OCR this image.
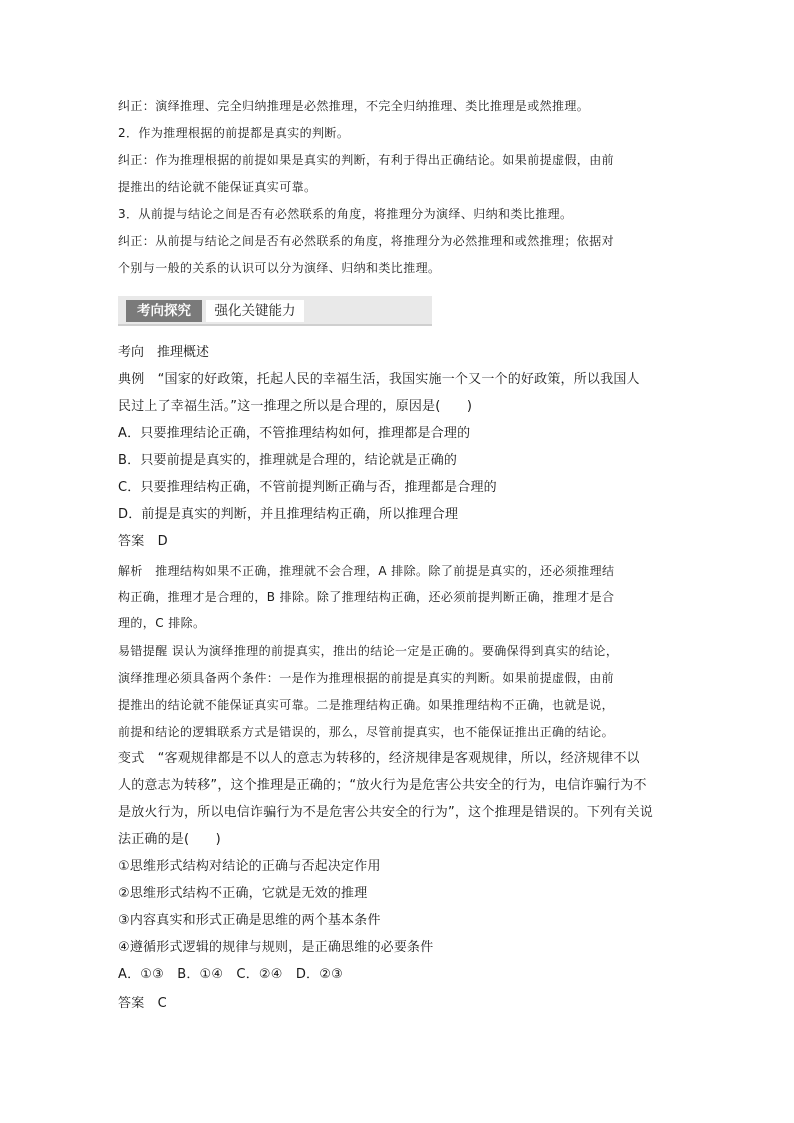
纠正：演绎推理、完全归纳推理是必然推理，不完全归纳推理、类比推理是或然推理。
2．作为推理根据的前提都是真实的判断。
纠正：作为推理根据的前提如果是真实的判断，有利于得出正确结论。如果前提虚假，由前
提推出的结论就不能保证真实可靠。
3．从前提与结论之间是否有必然联系的角度，将推理分为演绎、归纳和类比推理。
纠正：从前提与结论之间是否有必然联系的角度，将推理分为必然推理和或然推理；依据对
个别与一般的关系的认识可以分为演绎、归纳和类比推理。
考向探究	强化关键能力
考向　推理概述
典例　“国家的好政策，托起人民的幸福生活，我国实施一个又一个的好政策，所以我国人
民过上了幸福生活。”这一推理之所以是合理的，原因是(　　)
A．只要推理结论正确，不管推理结构如何，推理都是合理的
B．只要前提是真实的，推理就是合理的，结论就是正确的
C．只要推理结构正确，不管前提判断正确与否，推理都是合理的
D．前提是真实的判断，并且推理结构正确，所以推理合理
答案　D
解析　推理结构如果不正确，推理就不会合理，A 排除。除了前提是真实的，还必须推理结
构正确，推理才是合理的，B 排除。除了推理结构正确，还必须前提判断正确，推理才是合
理的，C 排除。
易错提醒 误认为演绎推理的前提真实，推出的结论一定是正确的。要确保得到真实的结论，
演绎推理必须具备两个条件：一是作为推理根据的前提是真实的判断。如果前提虚假，由前
提推出的结论就不能保证真实可靠。二是推理结构正确。如果推理结构不正确，也就是说，
前提和结论的逻辑联系方式是错误的，那么，尽管前提真实，也不能保证推出正确的结论。
变式　“客观规律都是不以人的意志为转移的，经济规律是客观规律，所以，经济规律不以
人的意志为转移”，这个推理是正确的；“放火行为是危害公共安全的行为，电信诈骗行为不
是放火行为，所以电信诈骗行为不是危害公共安全的行为”，这个推理是错误的。下列有关说
法正确的是(　　)
①思维形式结构对结论的正确与否起决定作用
②思维形式结构不正确，它就是无效的推理
③内容真实和形式正确是思维的两个基本条件
④遵循形式逻辑的规律与规则，是正确思维的必要条件
A．①③　B．①④　C．②④　D．②③
答案　C
